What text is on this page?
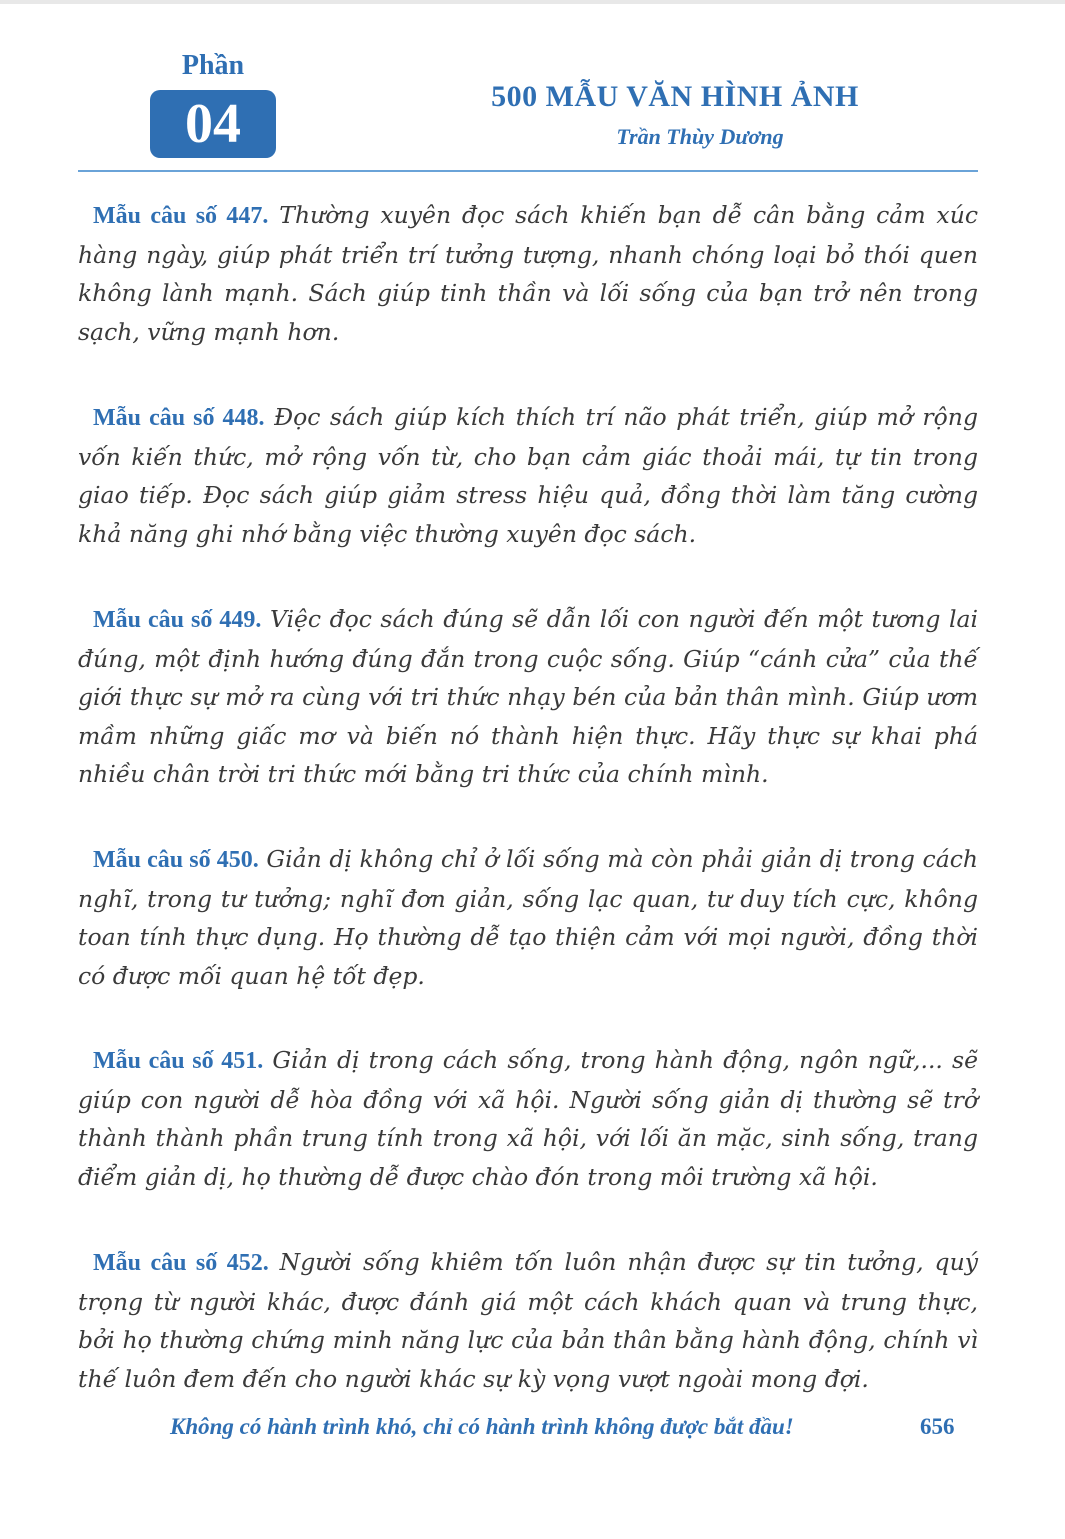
Phần
04	500 MẪU VĂN HÌNH ẢNH
Trần Thùy Dương

Mẫu câu số 447. Thường xuyên đọc sách khiến bạn dễ cân bằng cảm xúc hàng ngày, giúp phát triển trí tưởng tượng, nhanh chóng loại bỏ thói quen không lành mạnh. Sách giúp tinh thần và lối sống của bạn trở nên trong sạch, vững mạnh hơn.

Mẫu câu số 448. Đọc sách giúp kích thích trí não phát triển, giúp mở rộng vốn kiến thức, mở rộng vốn từ, cho bạn cảm giác thoải mái, tự tin trong giao tiếp. Đọc sách giúp giảm stress hiệu quả, đồng thời làm tăng cường khả năng ghi nhớ bằng việc thường xuyên đọc sách.

Mẫu câu số 449. Việc đọc sách đúng sẽ dẫn lối con người đến một tương lai đúng, một định hướng đúng đắn trong cuộc sống. Giúp “cánh cửa” của thế giới thực sự mở ra cùng với tri thức nhạy bén của bản thân mình. Giúp ươm mầm những giấc mơ và biến nó thành hiện thực. Hãy thực sự khai phá nhiều chân trời tri thức mới bằng tri thức của chính mình.

Mẫu câu số 450. Giản dị không chỉ ở lối sống mà còn phải giản dị trong cách nghĩ, trong tư tưởng; nghĩ đơn giản, sống lạc quan, tư duy tích cực, không toan tính thực dụng. Họ thường dễ tạo thiện cảm với mọi người, đồng thời có được mối quan hệ tốt đẹp.

Mẫu câu số 451. Giản dị trong cách sống, trong hành động, ngôn ngữ,... sẽ giúp con người dễ hòa đồng với xã hội. Người sống giản dị thường sẽ trở thành thành phần trung tính trong xã hội, với lối ăn mặc, sinh sống, trang điểm giản dị, họ thường dễ được chào đón trong môi trường xã hội.

Mẫu câu số 452. Người sống khiêm tốn luôn nhận được sự tin tưởng, quý trọng từ người khác, được đánh giá một cách khách quan và trung thực, bởi họ thường chứng minh năng lực của bản thân bằng hành động, chính vì thế luôn đem đến cho người khác sự kỳ vọng vượt ngoài mong đợi.

Không có hành trình khó, chỉ có hành trình không được bắt đầu!	656
